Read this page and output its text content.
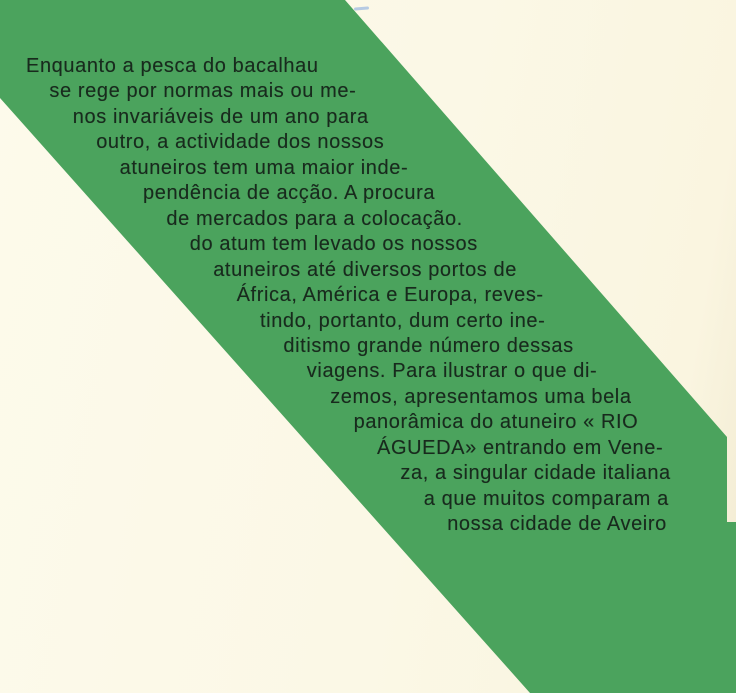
Enquanto a pesca do bacalhau
se rege por normas mais ou me-
nos invariáveis de um ano para
outro, a actividade dos nossos
atuneiros tem uma maior inde-
pendência de acção. A procura
de mercados para a colocação.
do atum tem levado os nossos
atuneiros até diversos portos de
África, América e Europa, reves-
tindo, portanto, dum certo ine-
ditismo grande número dessas
viagens. Para ilustrar o que di-
zemos, apresentamos uma bela
panorâmica do atuneiro « RIO
ÁGUEDA» entrando em Vene-
za, a singular cidade italiana
a que muitos comparam a
nossa cidade de Aveiro
